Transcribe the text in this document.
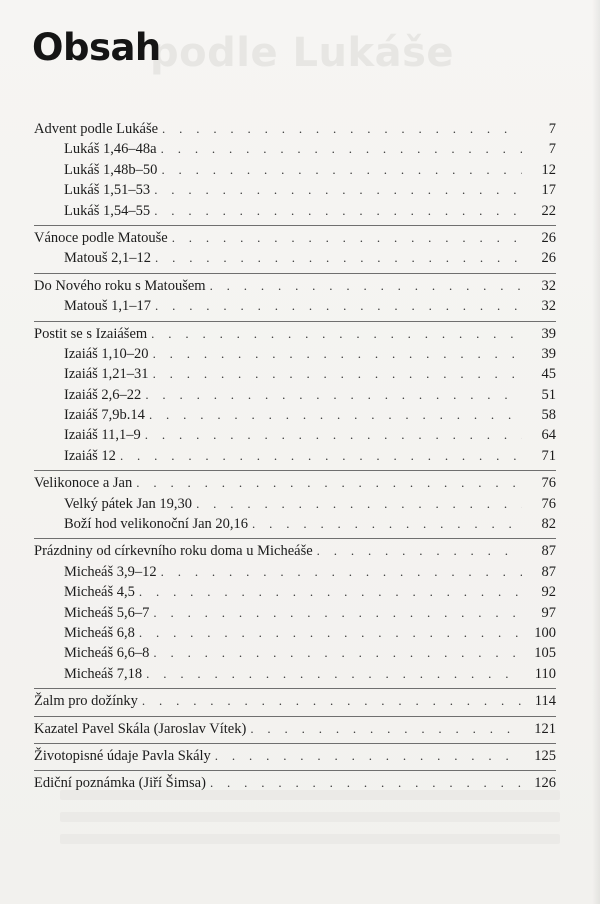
podle Lukáše
Obsah
Advent podle Lukáše . . .	7
Lukáš 1,46–48a . . .	7
Lukáš 1,48b–50 . . .	12
Lukáš 1,51–53 . . .	17
Lukáš 1,54–55 . . .	22
Vánoce podle Matouše . . .	26
Matouš 2,1–12 . . .	26
Do Nového roku s Matoušem . . .	32
Matouš 1,1–17 . . .	32
Postit se s Izaiášem . . .	39
Izaiáš 1,10–20 . . .	39
Izaiáš 1,21–31 . . .	45
Izaiáš 2,6–22 . . .	51
Izaiáš 7,9b.14 . . .	58
Izaiáš 11,1–9 . . .	64
Izaiáš 12 . . .	71
Velikonoce a Jan . . .	76
Velký pátek Jan 19,30 . . .	76
Boží hod velikonoční Jan 20,16 . . .	82
Prázdniny od církevního roku doma u Micheáše . . .	87
Micheáš 3,9–12 . . .	87
Micheáš 4,5 . . .	92
Micheáš 5,6–7 . . .	97
Micheáš 6,8 . . .	100
Micheáš 6,6–8 . . .	105
Micheáš 7,18 . . .	110
Žalm pro dožínky . . .	114
Kazatel Pavel Skála (Jaroslav Vítek) . . .	121
Životopisné údaje Pavla Skály . . .	125
Ediční poznámka (Jiří Šimsa) . . .	126
